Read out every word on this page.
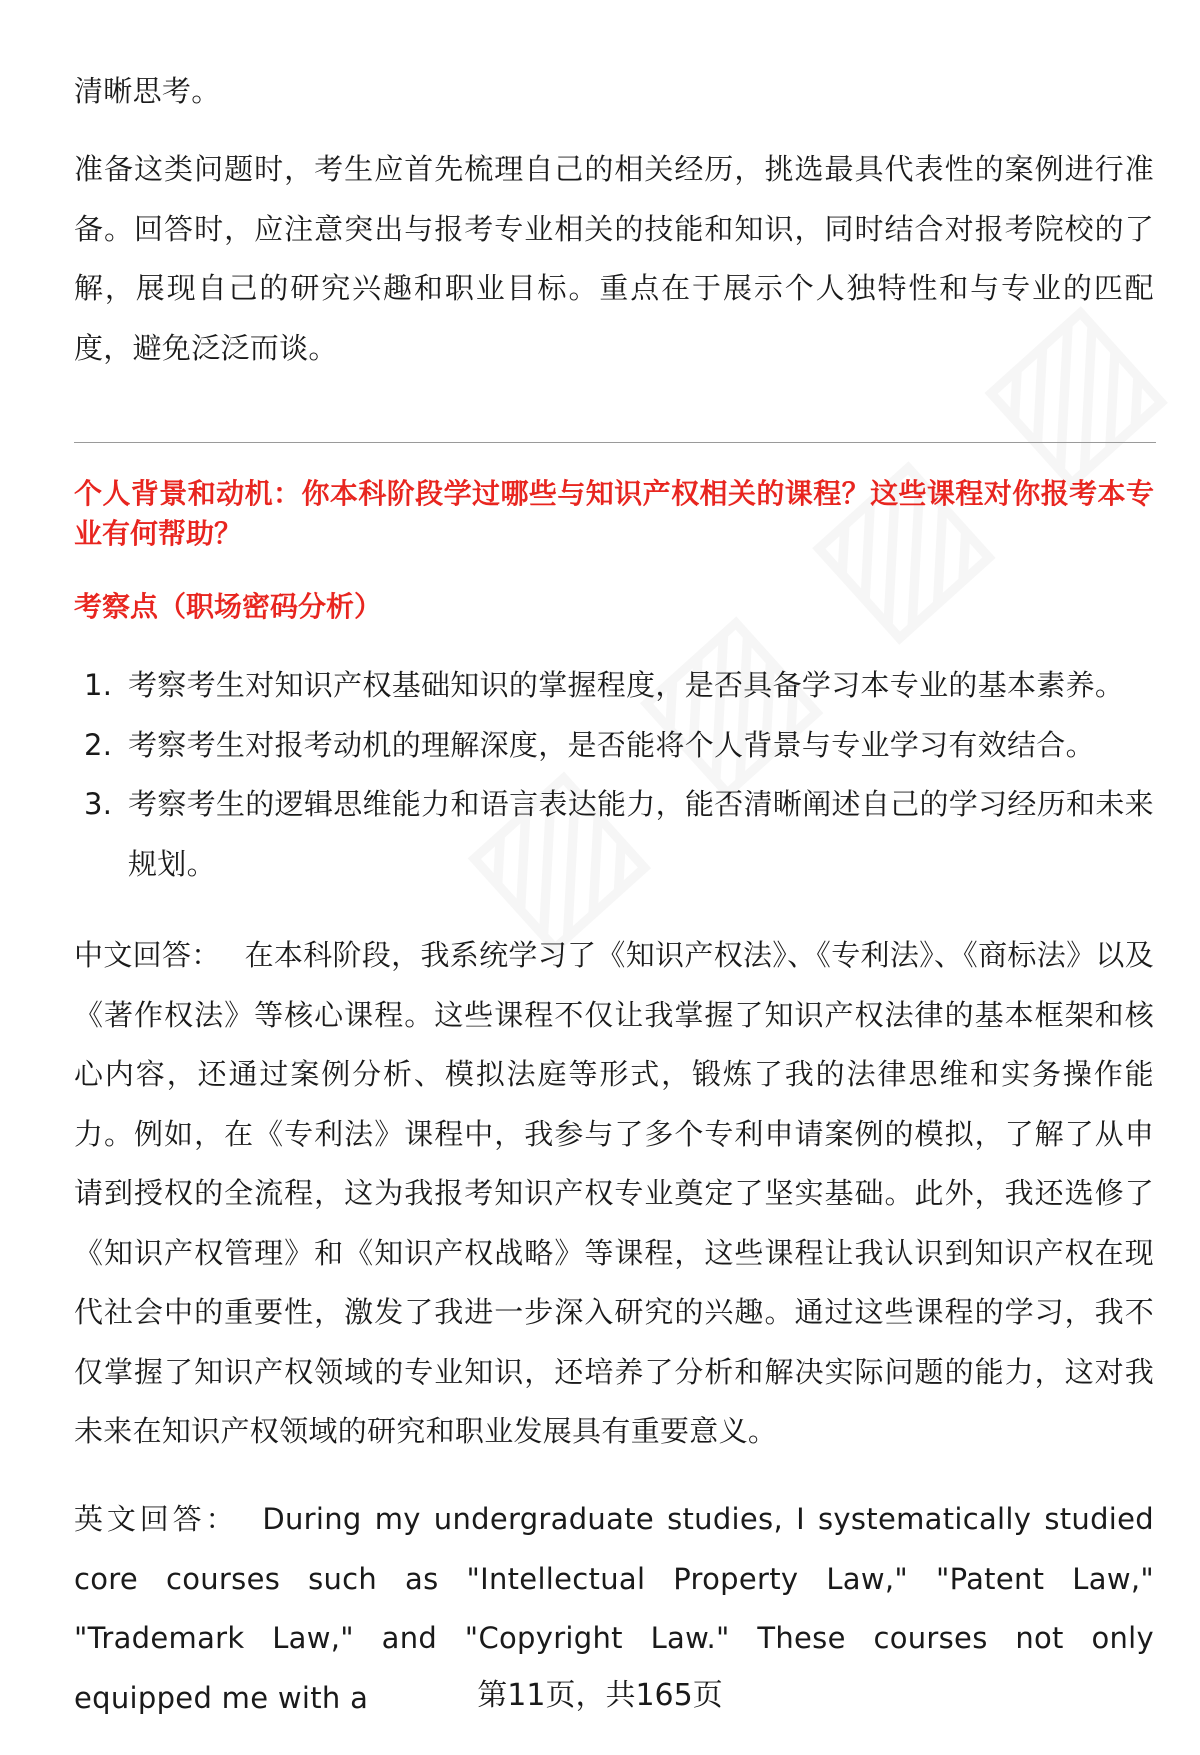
清晰思考。

准备这类问题时，考生应首先梳理自己的相关经历，挑选最具代表性的案例进行准备。回答时，应注意突出与报考专业相关的技能和知识，同时结合对报考院校的了解，展现自己的研究兴趣和职业目标。重点在于展示个人独特性和与专业的匹配度，避免泛泛而谈。

个人背景和动机：你本科阶段学过哪些与知识产权相关的课程？这些课程对你报考本专业有何帮助？

考察点（职场密码分析）

1. 考察考生对知识产权基础知识的掌握程度，是否具备学习本专业的基本素养。
2. 考察考生对报考动机的理解深度，是否能将个人背景与专业学习有效结合。
3. 考察考生的逻辑思维能力和语言表达能力，能否清晰阐述自己的学习经历和未来规划。

中文回答： 在本科阶段，我系统学习了《知识产权法》、《专利法》、《商标法》以及《著作权法》等核心课程。这些课程不仅让我掌握了知识产权法律的基本框架和核心内容，还通过案例分析、模拟法庭等形式，锻炼了我的法律思维和实务操作能力。例如，在《专利法》课程中，我参与了多个专利申请案例的模拟，了解了从申请到授权的全流程，这为我报考知识产权专业奠定了坚实基础。此外，我还选修了《知识产权管理》和《知识产权战略》等课程，这些课程让我认识到知识产权在现代社会中的重要性，激发了我进一步深入研究的兴趣。通过这些课程的学习，我不仅掌握了知识产权领域的专业知识，还培养了分析和解决实际问题的能力，这对我未来在知识产权领域的研究和职业发展具有重要意义。

英文回答： During my undergraduate studies, I systematically studied core courses such as "Intellectual Property Law," "Patent Law," "Trademark Law," and "Copyright Law." These courses not only equipped me with a	第11页，共165页
